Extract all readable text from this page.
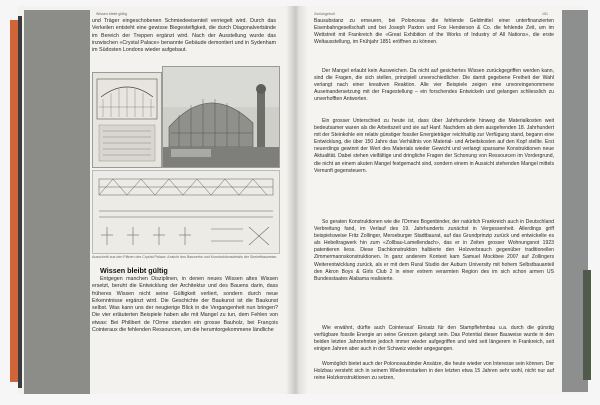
Wissen bleibt gültig	Zurückgeholt	151
und Träger eingeschobenen Schmiedeeisenteil verriegelt wird. Durch das Verkeilen entsteht eine gewisse Biegesteifigkeit, die durch Diagonalverbände im Bereich der Treppen ergänzt wird. Nach der Ausstellung wurde das inzwischen «Crystal Palace» benannte Gebäude demontiert und in Sydenham im Südosten Londons wieder aufgebaut.
Ausschnitt aus den Plänen des Crystal Palace; Ansicht des Bauwerks und Konstruktionsdetails der Skelettbauweise.
Wissen bleibt gültig
Entgegen manchen Disziplinen, in denen neues Wissen altes Wissen ersetzt, beruht die Entwicklung der Architektur und des Bauens darin, dass früheres Wissen nicht seine Gültigkeit verliert, sondern durch neue Erkenntnisse ergänzt wird. Die Geschichte der Baukunst ist die Baukunst selbst. Was kann uns der neugierige Blick in die Vergangenheit nun bringen? Die vier erläuterten Beispiele haben alle mit Mangel zu tun, dem Fehlen von etwas: Bei Philibert de l'Orme standen ein grosse Bauholz, bei François Cointeraux die fehlenden Ressourcen, um die herumtorgekommene ländliche
Bausubstanz zu erneuern, bei Polonceau die fehlende Geldmittel einer unterfinanzierten Eisenbahngesellschaft und bei Joseph Paxton und Fox Henderson & Co. die fehlende Zeit, um im Wettstreit mit Frankreich die «Great Exhibition of the Works of Industry of All Nations», die erste Weltausstellung, im Frühjahr 1851 eröffnen zu können.
Der Mangel erlaubt kein Ausweichen. Da nicht auf gesichertes Wissen zurückgegriffen werden kann, sind die Fragen, die sich stellen, prinzipiell unverschiedlicher. Die damit gegebene Freiheit der Wahl verlangt nach einer kreativen Reaktion. Alle vier Beispiele zeigen eine unvoreingenommene Auseinandersetzung mit der Fragestellung – ein forschendes Entwickeln und gelangen schliesslich zu unverhofften Antworten.
Ein grosser Unterschied zu heute ist, dass über Jahrhunderte hinweg die Materialkosten weit bedeutsamer waren als die Arbeitszeit und sie auf Hanf. Nachdem ab dem ausgehenden 18. Jahrhundert mit der Steinkohle ein relativ günstiger fossiler Energieträger reichhaltig zur Verfügung stand, begann eine Entwicklung, die über 150 Jahre das Verhältnis von Material- und Arbeitskosten auf den Kopf stellte. Erst neuerdings gewinnt der Wert des Materials wieder Gewicht und verlangt sparsame Konstruktionen neue Aktualität. Dabei stehen vielfältige und dringliche Fragen der Schonung von Ressourcen im Vordergrund, die nicht an einem akuten Mangel festgemacht sind, sondern einem in Aussicht stehenden Mangel mittels Vernunft gegensteuern.
So geraten Konstruktionen wie die l'Ormes Bogenbinder, der natürlich Frankreich auch in Deutschland Verbreitung fand, im Verlauf des 19. Jahrhunderts zunächst in Vergessenheit. Allerdings griff beispielsweise Fritz Zollinger, Merseburger Stadtbaurat, auf das Grundprinzip zurück und entwickelte es als Hebeltragwerk hin zum «Zollbau-Lamellendach», das er in Zeiten grosser Wohnungsnot 1923 patentieren liess. Diese Dachkonstruktion halbierte den Holzverbrauch gegenüber traditionellen Zimmermannskonstruktionen. In ganz anderem Kontext kam Samuel Mockbee 2007 auf Zollingers Weiterentwicklung zurück, als er mit dem Rural Studio der Auburn University mit hohem Selbstbauanteil den Akron Boys & Girls Club 2 in einer extrem verarmten Region des im sich schon armen US Bundesstaates Alabama realisierte.
Wie erwähnt, dürfte auch Cointeraux' Einsatz für den Stampflehmbau u.a. durch die günstig verfügbare fossile Energie an seine Grenzen gelangt sein. Das Potential dieser Bauweise wurde in den beiden letzten Jahrzehnten jedoch immer wieder aufgegriffen und wird seit längerem in Frankreich, seit einigen Jahren aber auch in der Schweiz wieder angegangen.
Womöglich bietet auch der Polonceaubinder Ansätze, die heute wieder von Interesse sein können. Der Holzbau versteht sich in seinem Wiedererstarken in den letzten etwa 15 Jahren sehr wohl, nicht nur auf reine Holzkonstruktionen zu setzen,
